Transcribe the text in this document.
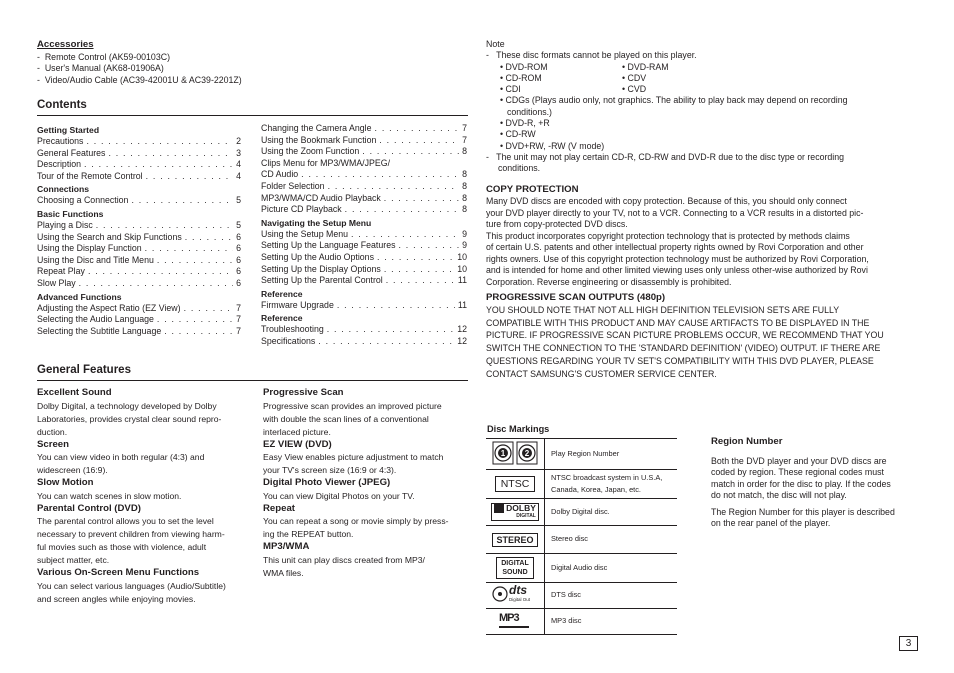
Accessories
-  Remote Control (AK59-00103C)
-  User's Manual (AK68-01906A)
-  Video/Audio Cable (AC39-42001U & AC39-2201Z)
Contents
Getting Started
Precautions . . .	2
General Features . . .	3
Description . . .	4
Tour of the Remote Control . . .	4
Connections
Choosing a Connection . . .	5
Basic Functions
Playing a Disc . . .	5
Using the Search and Skip Functions . . .	6
Using the Display Function . . .	6
Using the Disc and Title Menu . . .	6
Repeat Play . . .	6
Slow Play . . .	6
Advanced Functions
Adjusting the Aspect Ratio (EZ View) . . .	7
Selecting the Audio Language . . .	7
Selecting the Subtitle Language . . .	7
Changing the Camera Angle . . .	7
Using the Bookmark Function . . .	7
Using the Zoom Function . . .	8
Clips Menu for MP3/WMA/JPEG/
CD Audio . . .	8
Folder Selection . . .	8
MP3/WMA/CD Audio Playback . . .	8
Picture CD Playback . . .	8
Navigating the Setup Menu
Using the Setup Menu . . .	9
Setting Up the Language Features . . .	9
Setting Up the Audio Options . . .	10
Setting Up the Display Options . . .	10
Setting Up the Parental Control . . .	11
Reference
Firmware Upgrade . . .	11
Reference
Troubleshooting . . .	12
Specifications . . .	12
General Features
Excellent Sound
Dolby Digital, a technology developed by Dolby
Laboratories, provides crystal clear sound repro-
duction.
Screen
You can view video in both regular (4:3) and
widescreen (16:9).
Slow Motion
You can watch scenes in slow motion.
Parental Control (DVD)
The parental control allows you to set the level
necessary to prevent children from viewing harm-
ful movies such as those with violence, adult
subject matter, etc.
Various On-Screen Menu Functions
You can select various languages (Audio/Subtitle)
and screen angles while enjoying movies.
Progressive Scan
Progressive scan provides an improved picture
with double the scan lines of a conventional
interlaced picture.
EZ VIEW (DVD)
Easy View enables picture adjustment to match
your TV's screen size (16:9 or 4:3).
Digital Photo Viewer (JPEG)
You can view Digital Photos on your TV.
Repeat
You can repeat a song or movie simply by press-
ing the REPEAT button.
MP3/WMA
This unit can play discs created from MP3/
WMA files.
Note
-   These disc formats cannot be played on this player.
• DVD-ROM	• DVD-RAM
• CD-ROM	• CDV
• CDI	• CVD
• CDGs (Plays audio only, not graphics. The ability to play back may depend on recording
conditions.)
• DVD-R, +R
• CD-RW
• DVD+RW, -RW (V mode)
-   The unit may not play certain CD-R, CD-RW and DVD-R due to the disc type or recording
conditions.
COPY PROTECTION
Many DVD discs are encoded with copy protection. Because of this, you should only connect
your DVD player directly to your TV, not to a VCR. Connecting to a VCR results in a distorted pic-
ture from copy-protected DVD discs.
This product incorporates copyright protection technology that is protected by methods claims
of certain U.S. patents and other intellectual property rights owned by Rovi Corporation and other
rights owners. Use of this copyright protection technology must be authorized by Rovi Corporation,
and is intended for home and other limited viewing uses only unless other-wise authorized by Rovi
Corporation. Reverse engineering or disassembly is prohibited.
PROGRESSIVE SCAN OUTPUTS (480p)
YOU SHOULD NOTE THAT NOT ALL HIGH DEFINITION TELEVISION SETS ARE FULLY
COMPATIBLE WITH THIS PRODUCT AND MAY CAUSE ARTIFACTS TO BE DISPLAYED IN THE
PICTURE. IF PROGRESSIVE SCAN PICTURE PROBLEMS OCCUR, WE RECOMMEND THAT YOU
SWITCH THE CONNECTION TO THE 'STANDARD DEFINITION' (VIDEO) OUTPUT. IF THERE ARE
QUESTIONS REGARDING YOUR TV SET'S COMPATIBILITY WITH THIS DVD PLAYER, PLEASE
CONTACT SAMSUNG'S CUSTOMER SERVICE CENTER.
Disc Markings
1 2	Play Region Number
NTSC	NTSC broadcast system in U.S.A,
Canada, Korea, Japan, etc.

DOLBY
DIGITAL	Dolby Digital disc.
STEREO	Stereo disc

DIGITAL
SOUND	Digital Audio disc

dts
Digital Out	DTS disc

MP3	MP3 disc
Region Number
Both the DVD player and your DVD discs are
coded by region. These regional codes must
match in order for the disc to play. If the codes
do not match, the disc will not play.
The Region Number for this player is described
on the rear panel of the player.
3
